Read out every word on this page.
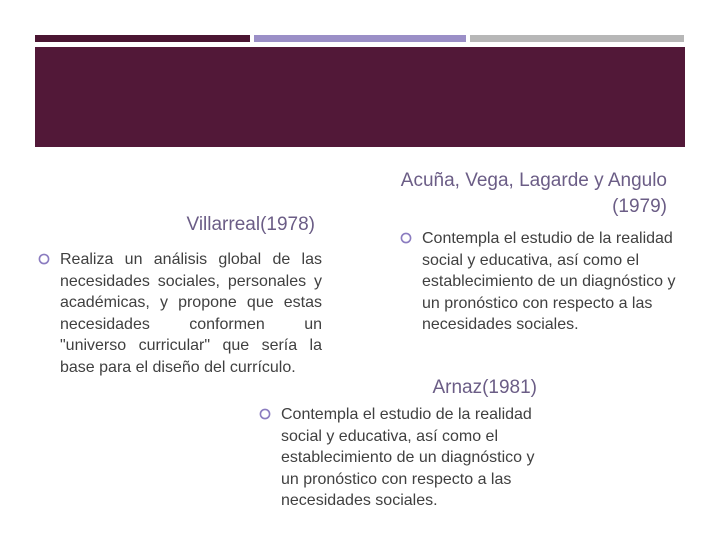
Villarreal(1978)
Realiza un análisis global de las necesidades sociales, personales y académicas, y propone que estas necesidades conformen un "universo curricular" que sería la base para el diseño del currículo.
Acuña, Vega, Lagarde y Angulo (1979)
Contempla el estudio de la realidad social y educativa, así como el establecimiento de un diagnóstico y un pronóstico con respecto a las necesidades sociales.
Arnaz(1981)
Contempla el estudio de la realidad social y educativa, así como el establecimiento de un diagnóstico y un pronóstico con respecto a las necesidades sociales.
